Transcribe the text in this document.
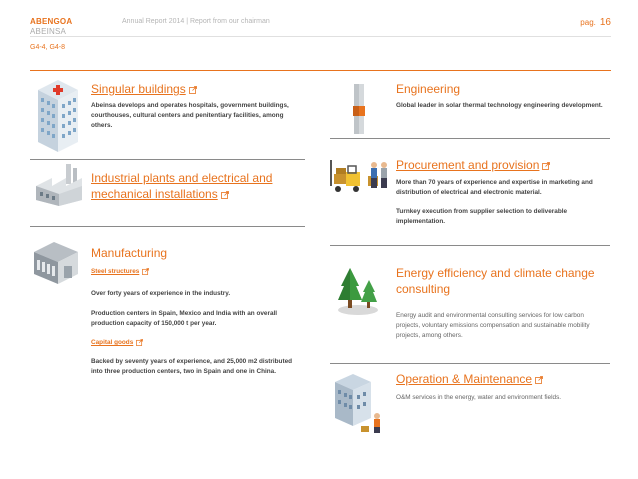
ABENGOA
ABEINSA
Annual Report 2014 | Report from our chairman	pag. 16
G4-4, G4-8
Singular buildings
Abeinsa develops and operates hospitals, government buildings, courthouses, cultural centers and penitentiary facilities, among others.
Industrial plants and electrical and
mechanical installations
Manufacturing
Steel structures
Over forty years of experience in the industry.
Production centers in Spain, Mexico and India with an overall production capacity of 150,000 t per year.
Capital goods
Backed by seventy years of experience, and 25,000 m2 distributed into three production centers, two in Spain and one in China.
Engineering
Global leader in solar thermal technology engineering development.
Procurement and provision
More than 70 years of experience and expertise in marketing and distribution of electrical and electronic material.
Turnkey execution from supplier selection to deliverable implementation.
Energy efficiency and climate change
consulting
Energy audit and environmental consulting services for low carbon projects, voluntary emissions compensation and sustainable mobility projects, among others.
Operation & Maintenance
O&M services in the energy, water and environment fields.
